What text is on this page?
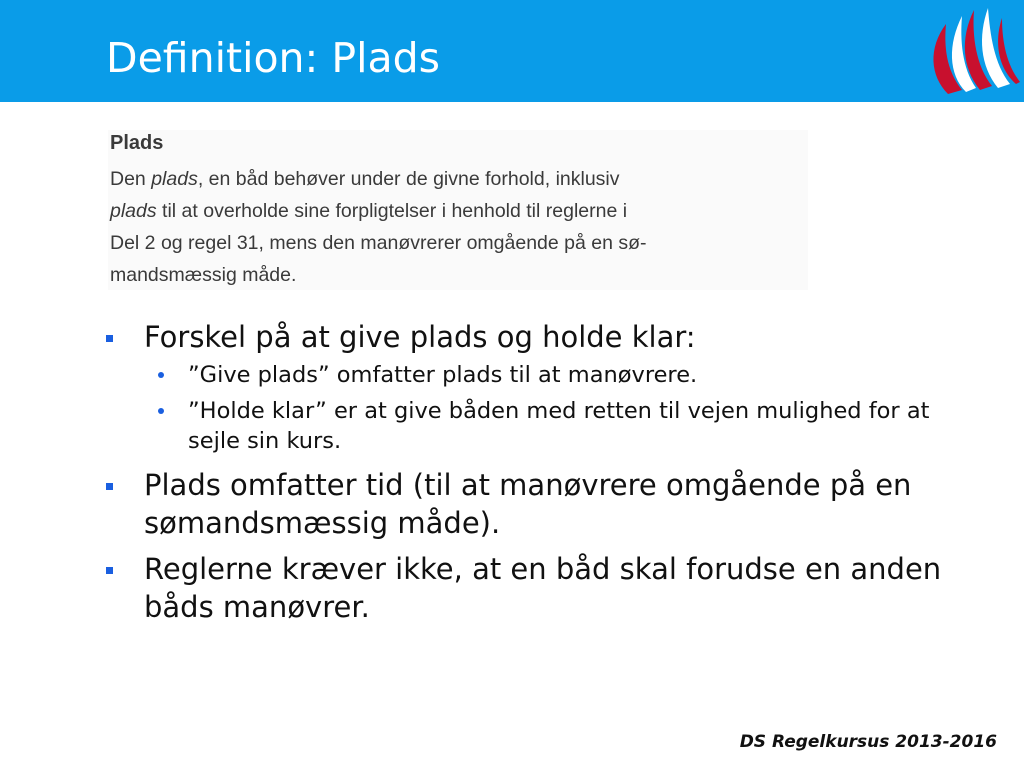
Definition: Plads
Plads
Den plads, en båd behøver under de givne forhold, inklusiv
plads til at overholde sine forpligtelser i henhold til reglerne i
Del 2 og regel 31, mens den manøvrerer omgående på en sø-
mandsmæssig måde.
Forskel på at give plads og holde klar:
”Give plads” omfatter plads til at manøvrere.
”Holde klar” er at give båden med retten til vejen mulighed for at sejle sin kurs.
Plads omfatter tid (til at manøvrere omgående på en sømandsmæssig måde).
Reglerne kræver ikke, at en båd skal forudse en anden båds manøvrer.
DS Regelkursus 2013-2016
